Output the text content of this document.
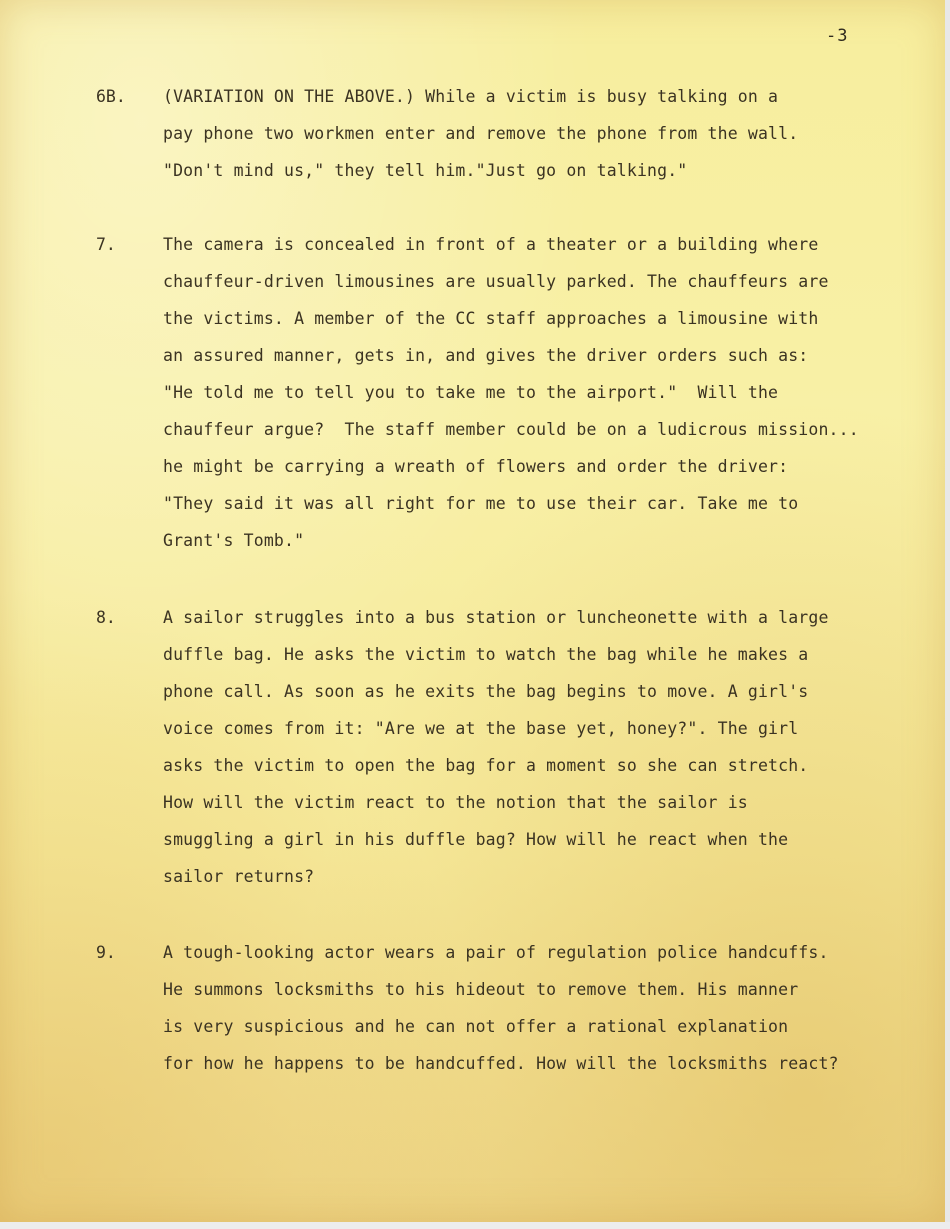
-3
6B. (VARIATION ON THE ABOVE.) While a victim is busy talking on a
pay phone two workmen enter and remove the phone from the wall.
"Don't mind us," they tell him."Just go on talking."
7.	The camera is concealed in front of a theater or a building where
chauffeur-driven limousines are usually parked. The chauffeurs are
the victims. A member of the CC staff approaches a limousine with
an assured manner, gets in, and gives the driver orders such as:
"He told me to tell you to take me to the airport."  Will the
chauffeur argue?  The staff member could be on a ludicrous mission...
he might be carrying a wreath of flowers and order the driver:
"They said it was all right for me to use their car. Take me to
Grant's Tomb."
8.	A sailor struggles into a bus station or luncheonette with a large
duffle bag. He asks the victim to watch the bag while he makes a
phone call. As soon as he exits the bag begins to move. A girl's
voice comes from it: "Are we at the base yet, honey?". The girl
asks the victim to open the bag for a moment so she can stretch.
How will the victim react to the notion that the sailor is
smuggling a girl in his duffle bag? How will he react when the
sailor returns?
9.	A tough-looking actor wears a pair of regulation police handcuffs.
He summons locksmiths to his hideout to remove them. His manner
is very suspicious and he can not offer a rational explanation
for how he happens to be handcuffed. How will the locksmiths react?
